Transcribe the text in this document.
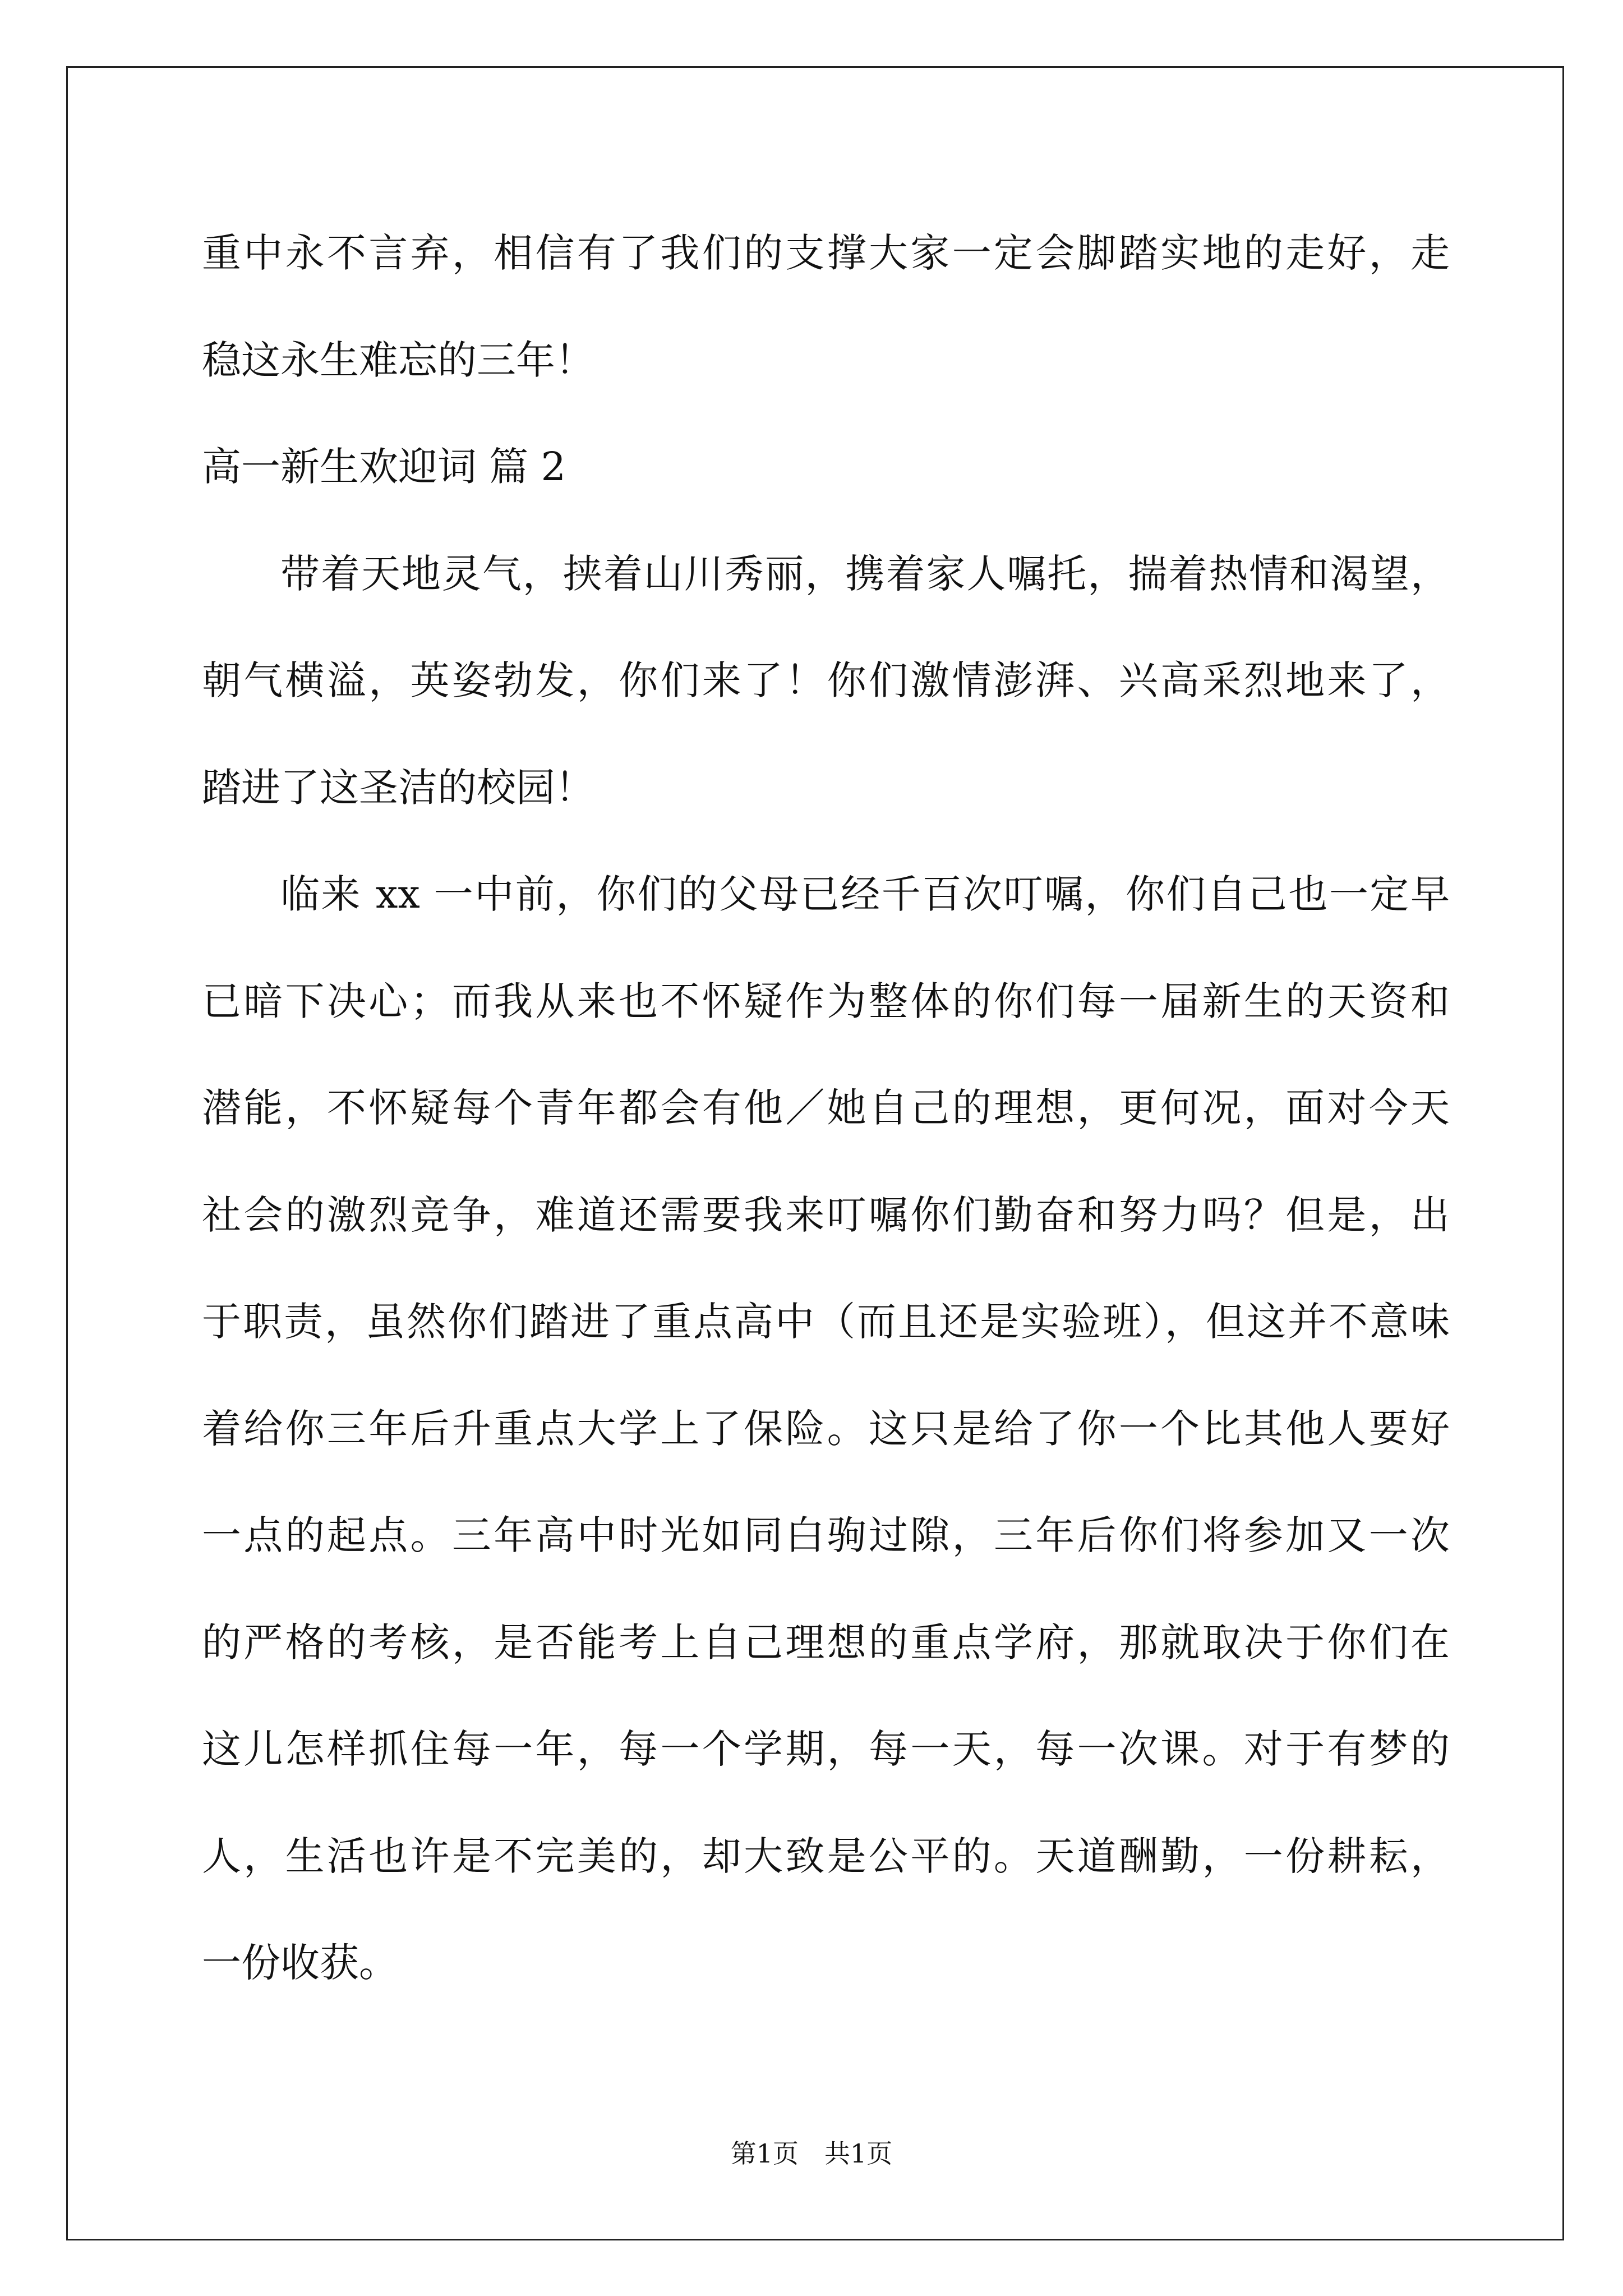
重中永不言弃，相信有了我们的支撑大家一定会脚踏实地的走好，走
稳这永生难忘的三年！
高一新生欢迎词 篇 2
带着天地灵气，挟着山川秀丽，携着家人嘱托，揣着热情和渴望，
朝气横溢，英姿勃发，你们来了！你们激情澎湃、兴高采烈地来了，
踏进了这圣洁的校园！
临来 xx 一中前，你们的父母已经千百次叮嘱，你们自己也一定早
已暗下决心；而我从来也不怀疑作为整体的你们每一届新生的天资和
潜能，不怀疑每个青年都会有他／她自己的理想，更何况，面对今天
社会的激烈竞争，难道还需要我来叮嘱你们勤奋和努力吗？但是，出
于职责，虽然你们踏进了重点高中（而且还是实验班），但这并不意味
着给你三年后升重点大学上了保险。这只是给了你一个比其他人要好
一点的起点。三年高中时光如同白驹过隙，三年后你们将参加又一次
的严格的考核，是否能考上自己理想的重点学府，那就取决于你们在
这儿怎样抓住每一年，每一个学期，每一天，每一次课。对于有梦的
人，生活也许是不完美的，却大致是公平的。天道酬勤，一份耕耘，
一份收获。
第1页　共1页
